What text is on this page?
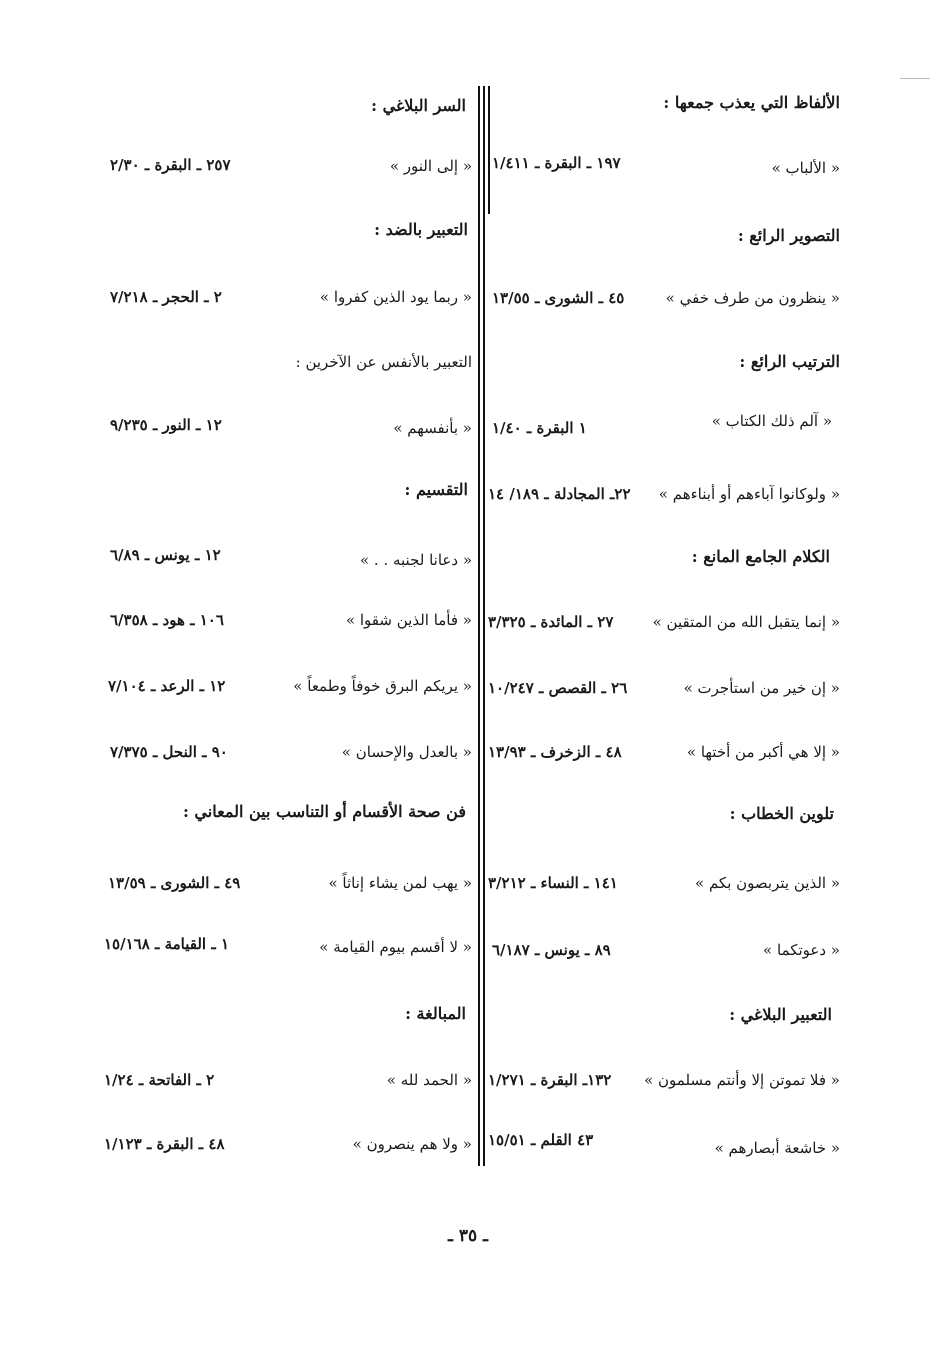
الألفاظ التي يعذب جمعها :
« الألباب »
١٩٧ ـ البقرة ـ ١/٤١١
التصوير الرائع :
« ينظرون من طرف خفي »
٤٥ ـ الشورى ـ ١٣/٥٥
الترتيب الرائع :
« آلم ذلك الكتاب »
١ البقرة ـ ١/٤٠
« ولوكانوا آباءهم أو أبناءهم »
٢٢ـ المجادلة ـ ١٨٩/ ١٤
الكلام الجامع المانع :
« إنما يتقبل الله من المتقين »
٢٧ ـ المائدة ـ ٣/٣٢٥
« إن خير من استأجرت »
٢٦ ـ القصص ـ ١٠/٢٤٧
« إلا هي أكبر من أختها »
٤٨ ـ الزخرف ـ ١٣/٩٣
تلوين الخطاب :
« الذين يتربصون بكم »
١٤١ ـ النساء ـ ٣/٢١٢
« دعوتكما »
٨٩ ـ يونس ـ ٦/١٨٧
التعبير البلاغي :
« فلا تموتن إلا وأنتم مسلمون »
١٣٢ـ البقرة ـ ١/٢٧١
« خاشعة أبصارهم »
٤٣ القلم ـ ١٥/٥١
السر البلاغي :
« إلى النور »
٢٥٧ ـ البقرة ـ ٢/٣٠
التعبير بالضد :
« ربما يود الذين كفروا »
٢ ـ الحجر ـ ٧/٢١٨
التعبير بالأنفس عن الآخرين :
« بأنفسهم »
١٢ ـ النور ـ ٩/٢٣٥
التقسيم :
« دعانا لجنبه . . »
١٢ ـ يونس ـ ٦/٨٩
« فأما الذين شقوا »
١٠٦ ـ هود ـ ٦/٣٥٨
« يريكم البرق خوفاً وطمعاً »
١٢ ـ الرعد ـ ٧/١٠٤
« بالعدل والإحسان »
٩٠ ـ النحل ـ ٧/٣٧٥
فن صحة الأقسام أو التناسب بين المعاني :
« يهب لمن يشاء إناثاً »
٤٩ ـ الشورى ـ ١٣/٥٩
« لا أقسم بيوم القيامة »
١ ـ القيامة ـ ١٥/١٦٨
المبالغة :
« الحمد لله »
٢ ـ الفاتحة ـ ١/٢٤
« ولا هم ينصرون »
٤٨ ـ البقرة ـ ١/١٢٣
ـ ٣٥ ـ
